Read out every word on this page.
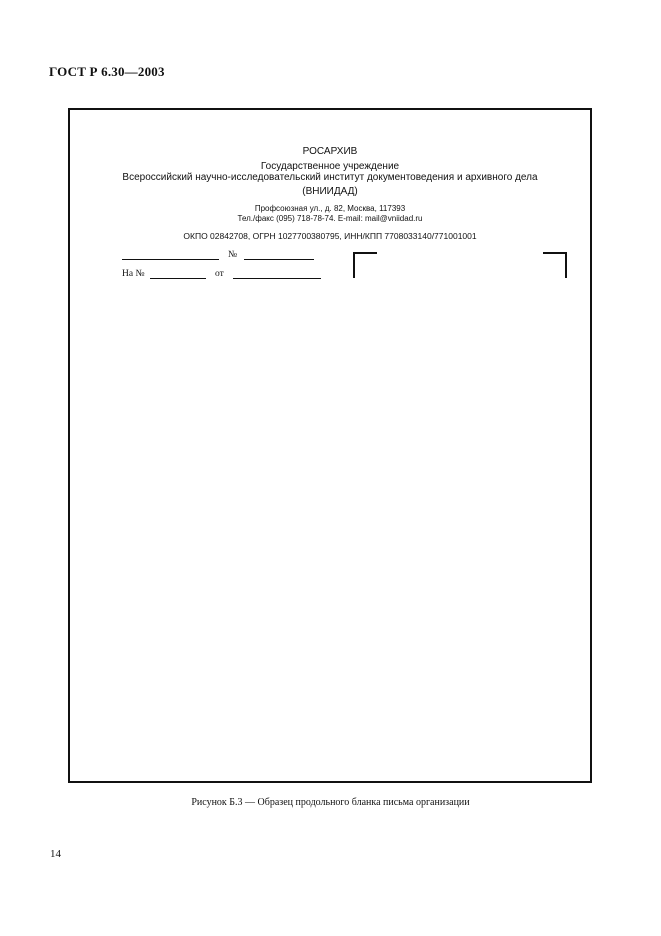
ГОСТ Р 6.30—2003
РОСАРХИВ
Государственное учреждение
Всероссийский научно-исследовательский институт документоведения и архивного дела
(ВНИИДАД)
Профсоюзная ул., д. 82, Москва, 117393
Тел./факс (095) 718-78-74. E-mail: mail@vniidad.ru
ОКПО 02842708, ОГРН 1027700380795, ИНН/КПП 7708033140/771001001
№
На №	от
Рисунок Б.3 — Образец продольного бланка письма организации
14
